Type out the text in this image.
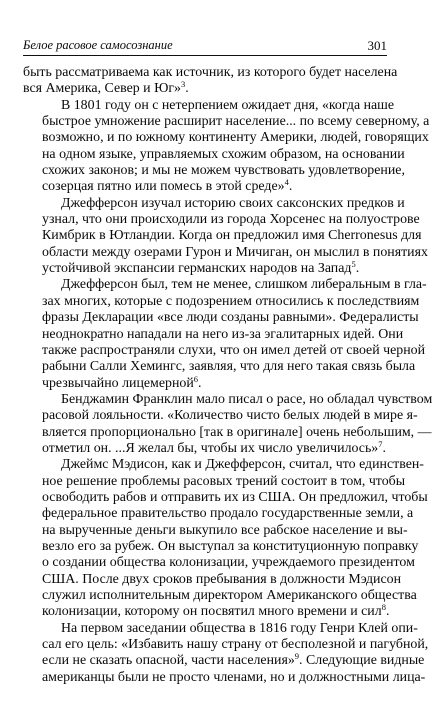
Белое расовое самосознание	301

быть рассматриваема как источник, из которого будет населена
вся Америка, Север и Юг»$^3$.

В 1801 году он с нетерпением ожидает дня, «когда наше
быстрое умножение расширит население... по всему северному, а
возможно, и по южному континенту Америки, людей, говорящих
на одном языке, управляемых схожим образом, на основании
схожих законов; и мы не можем чувствовать удовлетворение,
созерцая пятно или помесь в этой среде»$^4$.

Джефферсон изучал историю своих саксонских предков и
узнал, что они происходили из города Хорсенес на полуострове
Кимбрик в Ютландии. Когда он предложил имя Cherronesus для
области между озерами Гурон и Мичиган, он мыслил в понятиях
устойчивой экспансии германских народов на Запад$^5$.

Джефферсон был, тем не менее, слишком либеральным в гла-
зах многих, которые с подозрением относились к последствиям
фразы Декларации «все люди созданы равными». Федералисты
неоднократно нападали на него из-за эгалитарных идей. Они
также распространяли слухи, что он имел детей от своей черной
рабыни Салли Хемингс, заявляя, что для него такая связь была
чрезвычайно лицемерной$^6$.

Бенджамин Франклин мало писал о расе, но обладал чувством
расовой лояльности. «Количество чисто белых людей в мире я-
вляется пропорционально [так в оригинале] очень небольшим, —
отметил он. ...Я желал бы, чтобы их число увеличилось»$^7$.

Джеймс Мэдисон, как и Джефферсон, считал, что единствен-
ное решение проблемы расовых трений состоит в том, чтобы
освободить рабов и отправить их из США. Он предложил, чтобы
федеральное правительство продало государственные земли, а
на вырученные деньги выкупило все рабское население и вы-
везло его за рубеж. Он выступал за конституционную поправку
о создании общества колонизации, учреждаемого президентом
США. После двух сроков пребывания в должности Мэдисон
служил исполнительным директором Американского общества
колонизации, которому он посвятил много времени и сил$^8$.

На первом заседании общества в 1816 году Генри Клей опи-
сал его цель: «Избавить нашу страну от бесполезной и пагубной,
если не сказать опасной, части населения»$^9$. Следующие видные
американцы были не просто членами, но и должностными лица-
